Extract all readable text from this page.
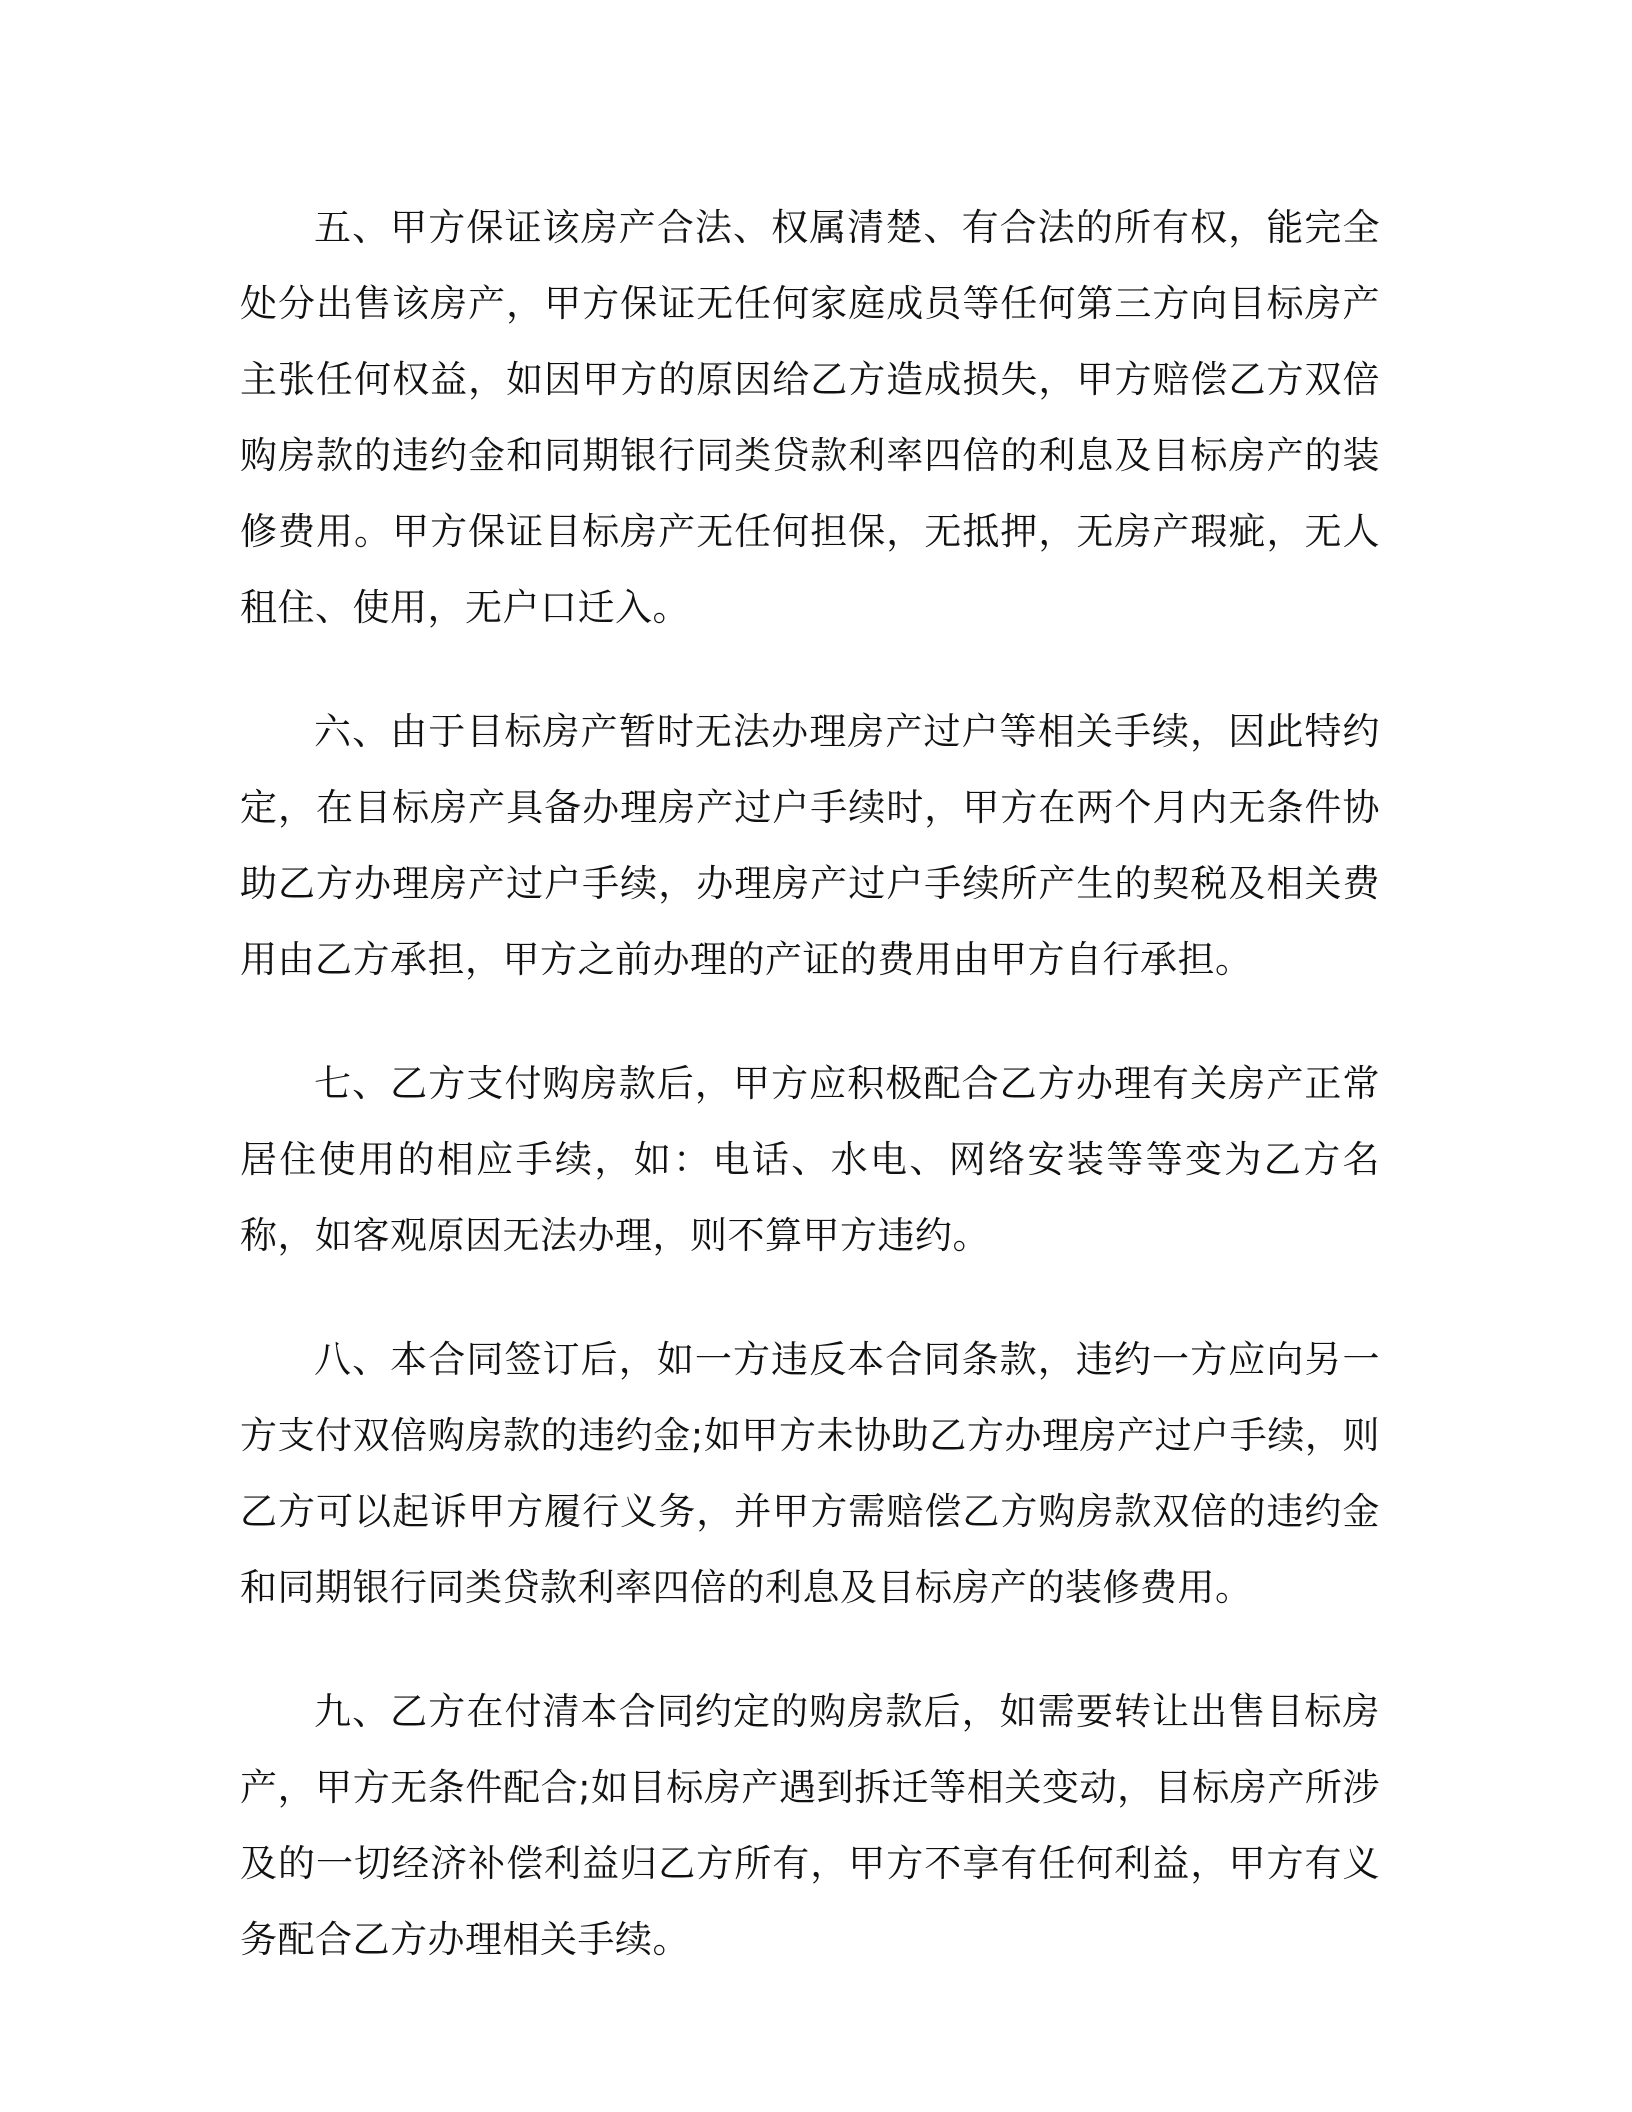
五、甲方保证该房产合法、权属清楚、有合法的所有权，能完全处分出售该房产，甲方保证无任何家庭成员等任何第三方向目标房产主张任何权益，如因甲方的原因给乙方造成损失，甲方赔偿乙方双倍购房款的违约金和同期银行同类贷款利率四倍的利息及目标房产的装修费用。甲方保证目标房产无任何担保，无抵押，无房产瑕疵，无人租住、使用，无户口迁入。

六、由于目标房产暂时无法办理房产过户等相关手续，因此特约定，在目标房产具备办理房产过户手续时，甲方在两个月内无条件协助乙方办理房产过户手续，办理房产过户手续所产生的契税及相关费用由乙方承担，甲方之前办理的产证的费用由甲方自行承担。

七、乙方支付购房款后，甲方应积极配合乙方办理有关房产正常居住使用的相应手续，如：电话、水电、网络安装等等变为乙方名称，如客观原因无法办理，则不算甲方违约。

八、本合同签订后，如一方违反本合同条款，违约一方应向另一方支付双倍购房款的违约金;如甲方未协助乙方办理房产过户手续，则乙方可以起诉甲方履行义务，并甲方需赔偿乙方购房款双倍的违约金和同期银行同类贷款利率四倍的利息及目标房产的装修费用。

九、乙方在付清本合同约定的购房款后，如需要转让出售目标房产，甲方无条件配合;如目标房产遇到拆迁等相关变动，目标房产所涉及的一切经济补偿利益归乙方所有，甲方不享有任何利益，甲方有义务配合乙方办理相关手续。
